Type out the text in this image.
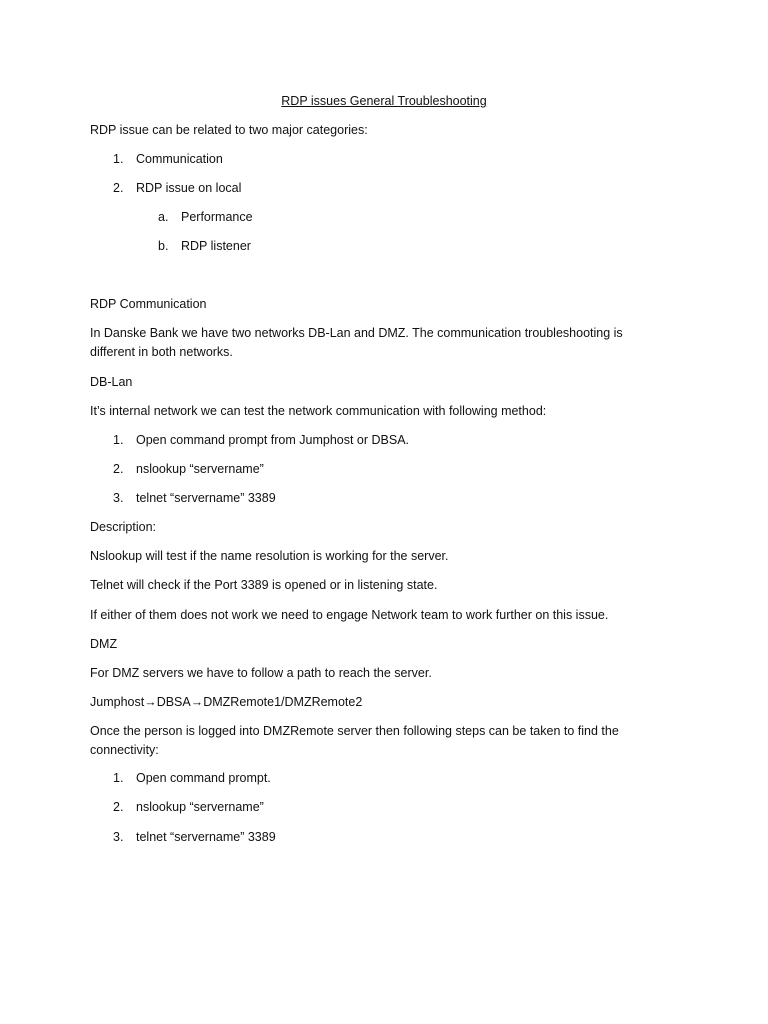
RDP issues General Troubleshooting
RDP issue can be related to two major categories:
1. Communication
2. RDP issue on local
a. Performance
b. RDP listener
RDP Communication
In Danske Bank we have two networks DB-Lan and DMZ. The communication troubleshooting is
different in both networks.
DB-Lan
It’s internal network we can test the network communication with following method:
1. Open command prompt from Jumphost or DBSA.
2. nslookup “servername”
3. telnet “servername” 3389
Description:
Nslookup will test if the name resolution is working for the server.
Telnet will check if the Port 3389 is opened or in listening state.
If either of them does not work we need to engage Network team to work further on this issue.
DMZ
For DMZ servers we have to follow a path to reach the server.
Jumphost→DBSA→DMZRemote1/DMZRemote2
Once the person is logged into DMZRemote server then following steps can be taken to find the
connectivity:
1. Open command prompt.
2. nslookup “servername”
3. telnet “servername” 3389
